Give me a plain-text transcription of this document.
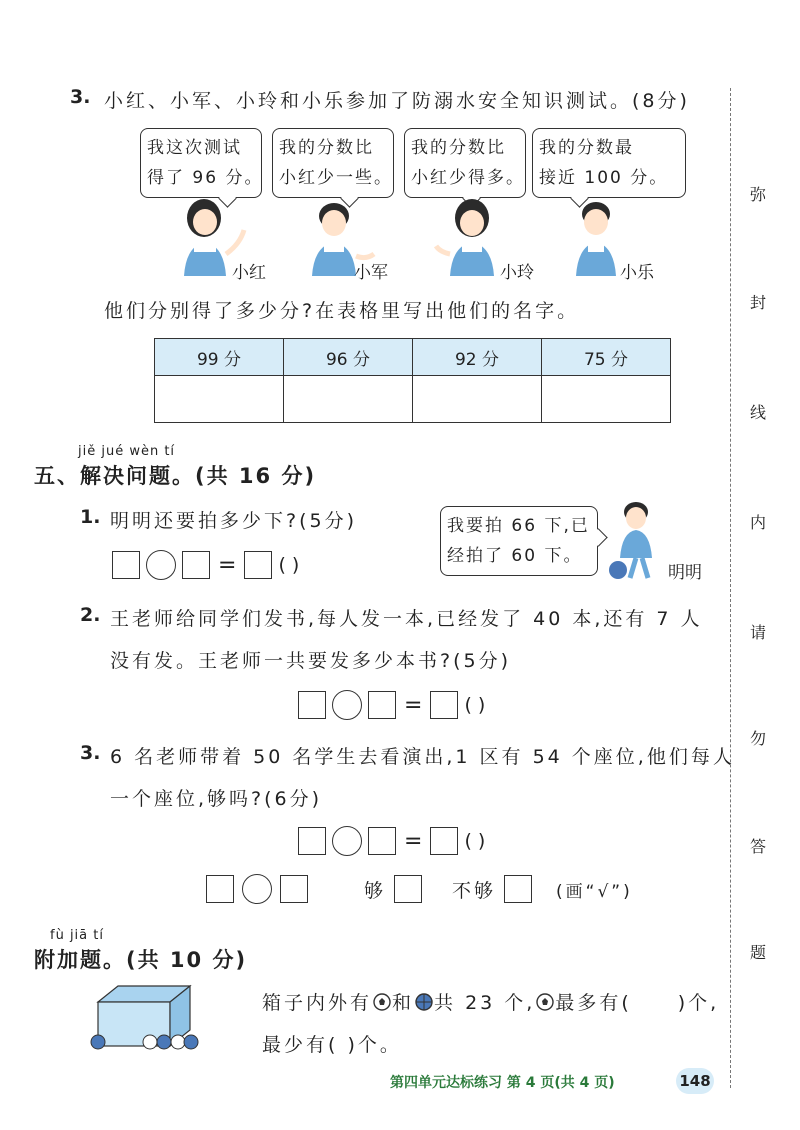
3. 小红、小军、小玲和小乐参加了防溺水安全知识测试。(8分)
我这次测试
得了 96 分。
我的分数比
小红少一些。
我的分数比
小红少得多。
我的分数最
接近 100 分。
小红	小军	小玲	小乐
他们分别得了多少分?在表格里写出他们的名字。
99 分	96 分	92 分	75 分

jiě jué wèn tí
五、解决问题。(共 16 分)
1. 明明还要拍多少下?(5分)
= ( )
我要拍 66 下,已
经拍了 60 下。
明明
2. 王老师给同学们发书,每人发一本,已经发了 40 本,还有 7 人
没有发。王老师一共要发多少本书?(5分)
= ( )
3. 6 名老师带着 50 名学生去看演出,1 区有 54 个座位,他们每人
一个座位,够吗?(6分)
= ( )
够	不够	(画“√”)
fù jiā tí
附加题。(共 10 分)
箱子内外有 和 共 23 个, 最多有( )个,
最少有( )个。
弥
封
线
内
请
勿
答
题
第四单元达标练习 第 4 页(共 4 页)	148
